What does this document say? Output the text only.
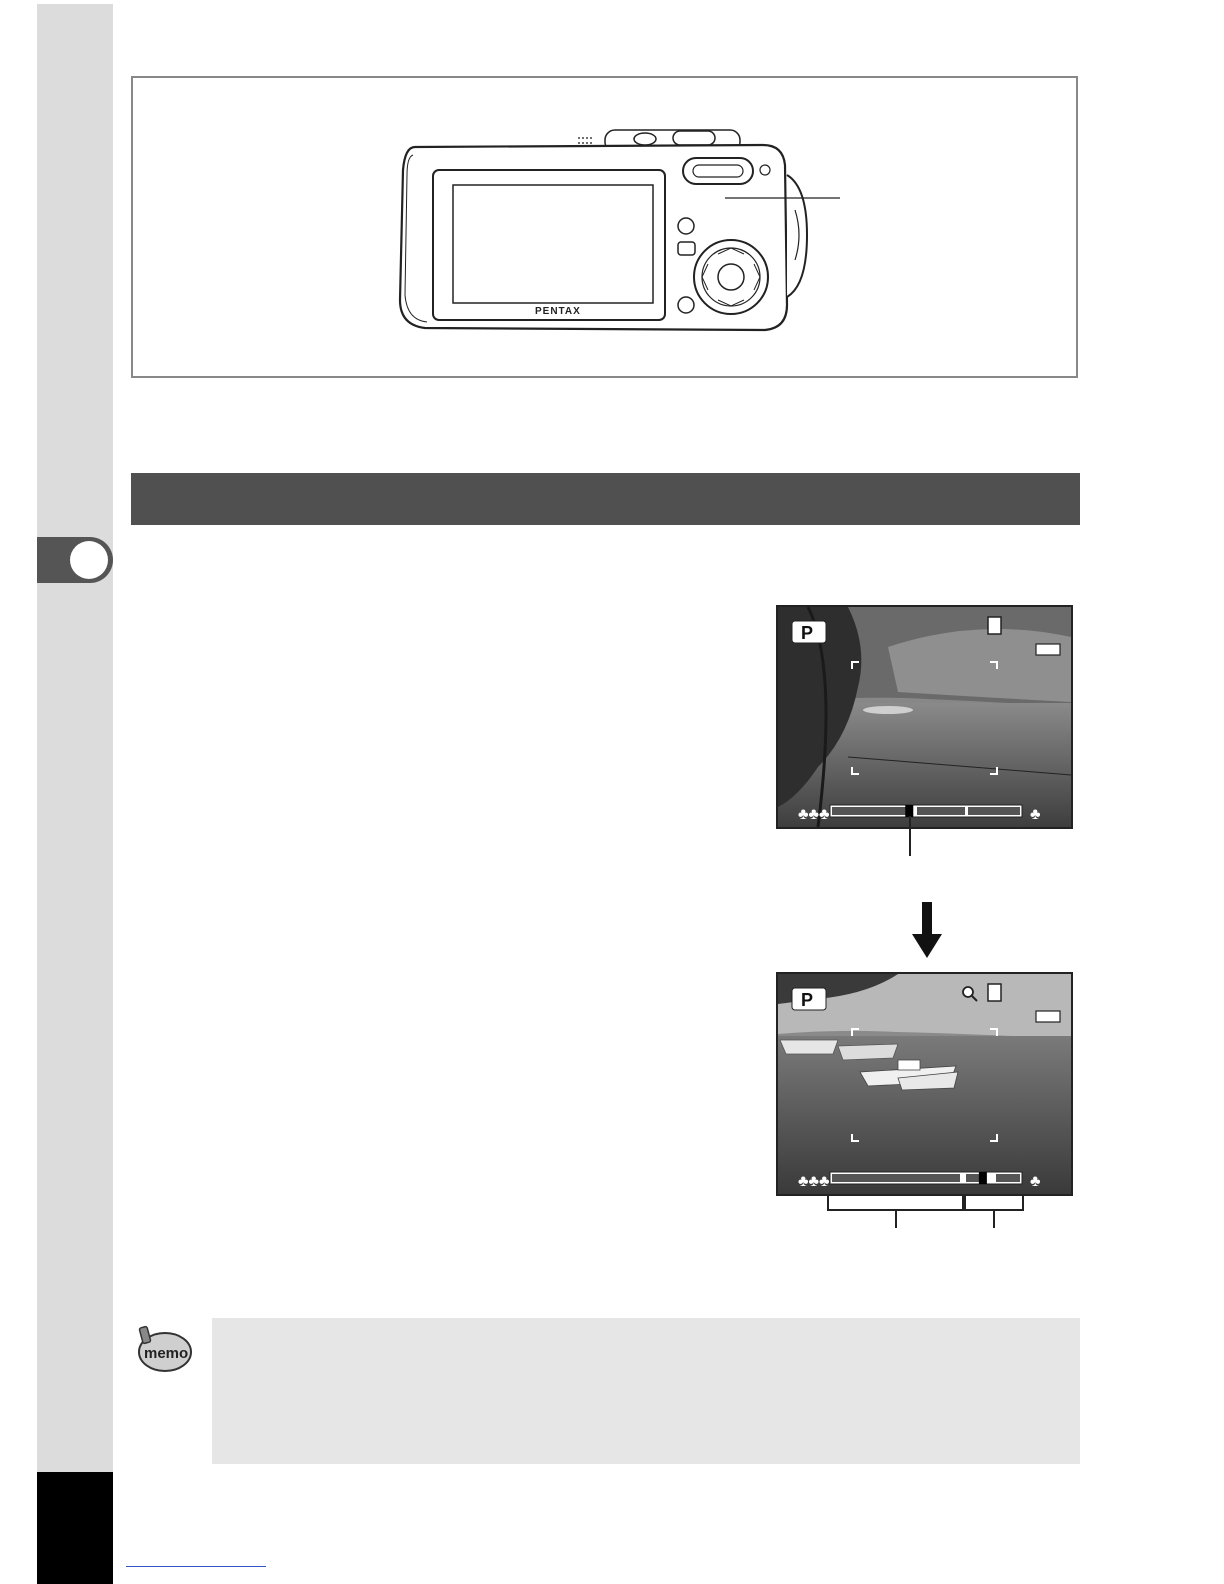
PENTAX
P
♣♣♣	♣
P
♣♣♣	♣
memo
